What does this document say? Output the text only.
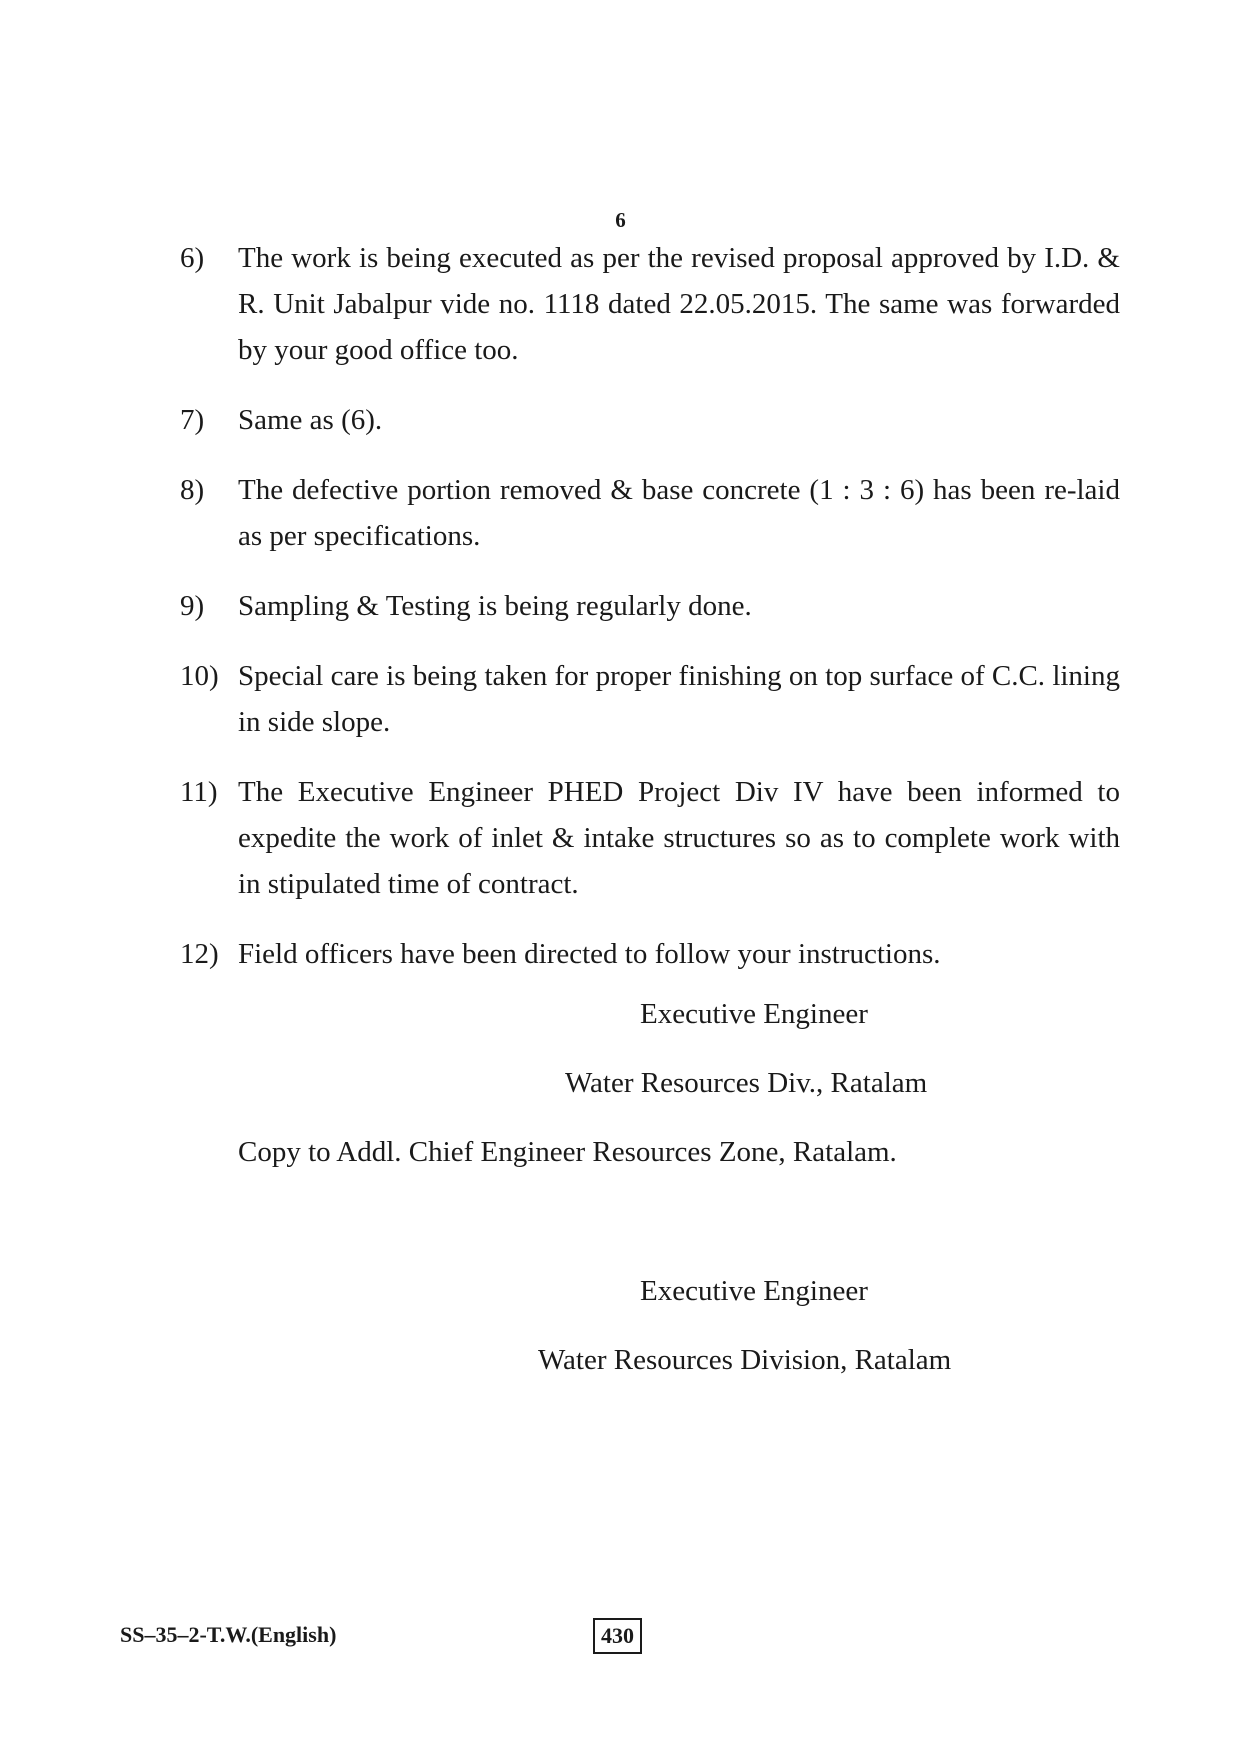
6
6)	The work is being executed as per the revised proposal approved by I.D. & R. Unit Jabalpur vide no. 1118 dated 22.05.2015. The same was forwarded by your good office too.
7)	Same as (6).
8)	The defective portion removed & base concrete (1 : 3 : 6) has been re-laid as per specifications.
9)	Sampling & Testing is being regularly done.
10) Special care is being taken for proper finishing on top surface of C.C. lining in side slope.
11) The Executive Engineer PHED Project Div IV have been informed to expedite the work of inlet & intake structures so as to complete work with in stipulated time of contract.
12) Field officers have been directed to follow your instructions.
Executive Engineer
Water Resources Div., Ratalam
Copy to Addl. Chief Engineer Resources Zone, Ratalam.
Executive Engineer
Water Resources Division, Ratalam
SS–35–2-T.W.(English)	430
